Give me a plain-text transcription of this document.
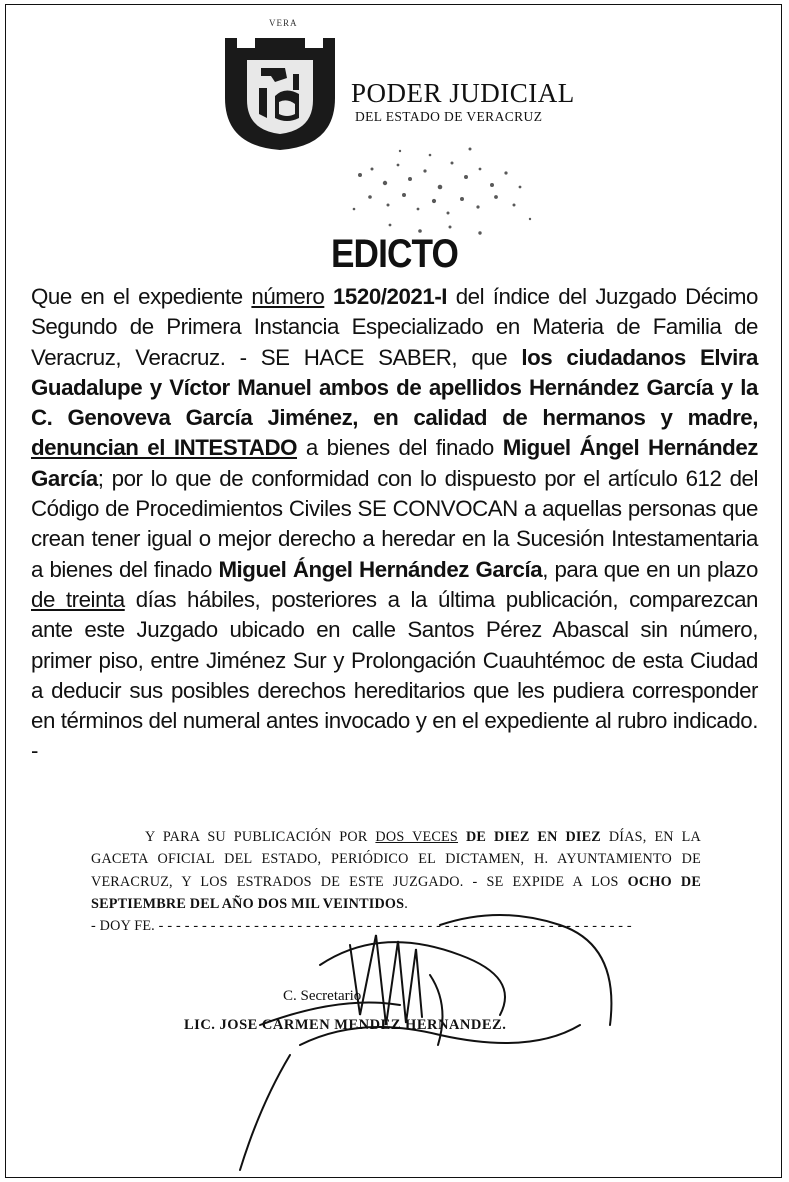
VERA
PODER JUDICIAL
DEL ESTADO DE VERACRUZ
EDICTO
Que en el expediente número 1520/2021-I del índice del Juzgado Décimo Segundo de Primera Instancia Especializado en Materia de Familia de Veracruz, Veracruz. - SE HACE SABER, que los ciudadanos Elvira Guadalupe y Víctor Manuel ambos de apellidos Hernández García y la C. Genoveva García Jiménez, en calidad de hermanos y madre, denuncian el INTESTADO a bienes del finado Miguel Ángel Hernández García; por lo que de conformidad con lo dispuesto por el artículo 612 del Código de Procedimientos Civiles SE CONVOCAN a aquellas personas que crean tener igual o mejor derecho a heredar en la Sucesión Intestamentaria a bienes del finado Miguel Ángel Hernández García, para que en un plazo de treinta días hábiles, posteriores a la última publicación, comparezcan ante este Juzgado ubicado en calle Santos Pérez Abascal sin número, primer piso, entre Jiménez Sur y Prolongación Cuauhtémoc de esta Ciudad a deducir sus posibles derechos hereditarios que les pudiera corresponder en términos del numeral antes invocado y en el expediente al rubro indicado. -
Y PARA SU PUBLICACIÓN POR DOS VECES DE DIEZ EN DIEZ DÍAS, EN LA GACETA OFICIAL DEL ESTADO, PERIÓDICO EL DICTAMEN, H. AYUNTAMIENTO DE VERACRUZ, Y LOS ESTRADOS DE ESTE JUZGADO. - SE EXPIDE A LOS OCHO DE SEPTIEMBRE DEL AÑO DOS MIL VEINTIDOS.
- DOY FE. - - - - - - - - - - - - - - - - - - - - - - - - - - - - - - - - - - - - - - - - - - - - - - - - - - - - - - -
C. Secretario
LIC. JOSE CARMEN MENDEZ HERNANDEZ.
